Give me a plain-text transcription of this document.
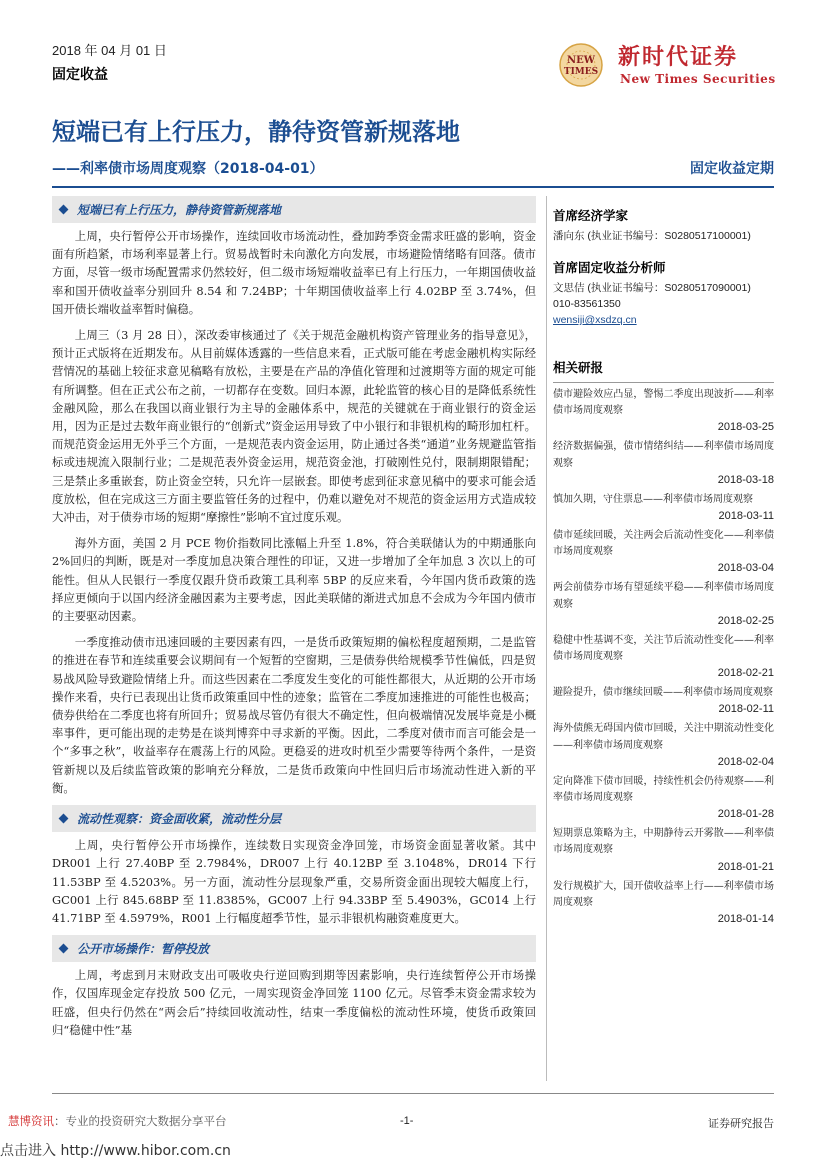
2018 年 04 月 01 日
固定收益
NEW
TIMES
新时代证券
New Times Securities
短端已有上行压力，静待资管新规落地
——利率债市场周度观察（2018-04-01）	固定收益定期
短端已有上行压力，静待资管新规落地

上周，央行暂停公开市场操作，连续回收市场流动性，叠加跨季资金需求旺盛的影响，资金面有所趋紧，市场利率显著上行。贸易战暂时未向激化方向发展，市场避险情绪略有回落。债市方面，尽管一级市场配置需求仍然较好，但二级市场短端收益率已有上行压力，一年期国债收益率和国开债收益率分别回升 8.54 和 7.24BP；十年期国债收益率上行 4.02BP 至 3.74%，但国开债长端收益率暂时偏稳。

上周三（3 月 28 日），深改委审核通过了《关于规范金融机构资产管理业务的指导意见》，预计正式版将在近期发布。从目前媒体透露的一些信息来看，正式版可能在考虑金融机构实际经营情况的基础上较征求意见稿略有放松，主要是在产品的净值化管理和过渡期等方面的规定可能有所调整。但在正式公布之前，一切都存在变数。回归本源，此轮监管的核心目的是降低系统性金融风险，那么在我国以商业银行为主导的金融体系中，规范的关键就在于商业银行的资金运用，因为正是过去数年商业银行的“创新式”资金运用导致了中小银行和非银机构的畸形加杠杆。而规范资金运用无外乎三个方面，一是规范表内资金运用，防止通过各类“通道”业务规避监管指标或违规流入限制行业；二是规范表外资金运用，规范资金池，打破刚性兑付，限制期限错配；三是禁止多重嵌套，防止资金空转，只允许一层嵌套。即使考虑到征求意见稿中的要求可能会适度放松，但在完成这三方面主要监管任务的过程中，仍难以避免对不规范的资金运用方式造成较大冲击，对于债券市场的短期“摩擦性”影响不宜过度乐观。

海外方面，美国 2 月 PCE 物价指数同比涨幅上升至 1.8%，符合美联储认为的中期通胀向 2%回归的判断，既是对一季度加息决策合理性的印证，又进一步增加了全年加息 3 次以上的可能性。但从人民银行一季度仅跟升贷币政策工具利率 5BP 的反应来看，今年国内货币政策的选择应更倾向于以国内经济金融因素为主要考虑，因此美联储的渐进式加息不会成为今年国内债市的主要驱动因素。

一季度推动债市迅速回暖的主要因素有四，一是货币政策短期的偏松程度超预期，二是监管的推进在春节和连续重要会议期间有一个短暂的空窗期，三是债券供给规模季节性偏低，四是贸易战风险导致避险情绪上升。而这些因素在二季度发生变化的可能性都很大，从近期的公开市场操作来看，央行已表现出让货币政策重回中性的迹象；监管在二季度加速推进的可能性也极高；债券供给在二季度也将有所回升；贸易战尽管仍有很大不确定性，但向极端情况发展毕竟是小概率事件，更可能出现的走势是在谈判博弈中寻求新的平衡。因此，二季度对债市而言可能会是一个“多事之秋”，收益率存在震荡上行的风险。更稳妥的进攻时机至少需要等待两个条件，一是资管新规以及后续监管政策的影响充分释放，二是货币政策向中性回归后市场流动性进入新的平衡。

流动性观察：资金面收紧，流动性分层

上周，央行暂停公开市场操作，连续数日实现资金净回笼，市场资金面显著收紧。其中 DR001 上行 27.40BP 至 2.7984%，DR007 上行 40.12BP 至 3.1048%，DR014 下行 11.53BP 至 4.5203%。另一方面，流动性分层现象严重，交易所资金面出现较大幅度上行，GC001 上行 845.68BP 至 11.8385%，GC007 上行 94.33BP 至 5.4903%，GC014 上行 41.71BP 至 4.5979%，R001 上行幅度超季节性，显示非银机构融资难度更大。

公开市场操作：暂停投放

上周，考虑到月末财政支出可吸收央行逆回购到期等因素影响，央行连续暂停公开市场操作，仅国库现金定存投放 500 亿元，一周实现资金净回笼 1100 亿元。尽管季末资金需求较为旺盛，但央行仍然在“两会后”持续回收流动性，结束一季度偏松的流动性环境，使货币政策回归“稳健中性”基

首席经济学家
潘向东 (执业证书编号：S0280517100001)
首席固定收益分析师
文思佶 (执业证书编号：S0280517090001)
010-83561350
wensiji@xsdzq.cn
相关研报
债市避险效应凸显，警惕二季度出现波折——利率债市场周度观察
2018-03-25
经济数据偏强，债市情绪纠结——利率债市场周度观察
2018-03-18
慎加久期，守住票息——利率债市场周度观察
2018-03-11
债市延续回暖，关注两会后流动性变化——利率债市场周度观察
2018-03-04
两会前债券市场有望延续平稳——利率债市场周度观察
2018-02-25
稳健中性基调不变，关注节后流动性变化——利率债市场周度观察
2018-02-21
避险提升，债市继续回暖——利率债市场周度观察
2018-02-11
海外债熊无碍国内债市回暖，关注中期流动性变化——利率债市场周度观察
2018-02-04
定向降准下债市回暖，持续性机会仍待观察——利率债市场周度观察
2018-01-28
短期票息策略为主，中期静待云开雾散——利率债市场周度观察
2018-01-21
发行规模扩大，国开债收益率上行——利率债市场周度观察
2018-01-14
慧博资讯：专业的投资研究大数据分享平台	-1-	证券研究报告
点击进入 http://www.hibor.com.cn
